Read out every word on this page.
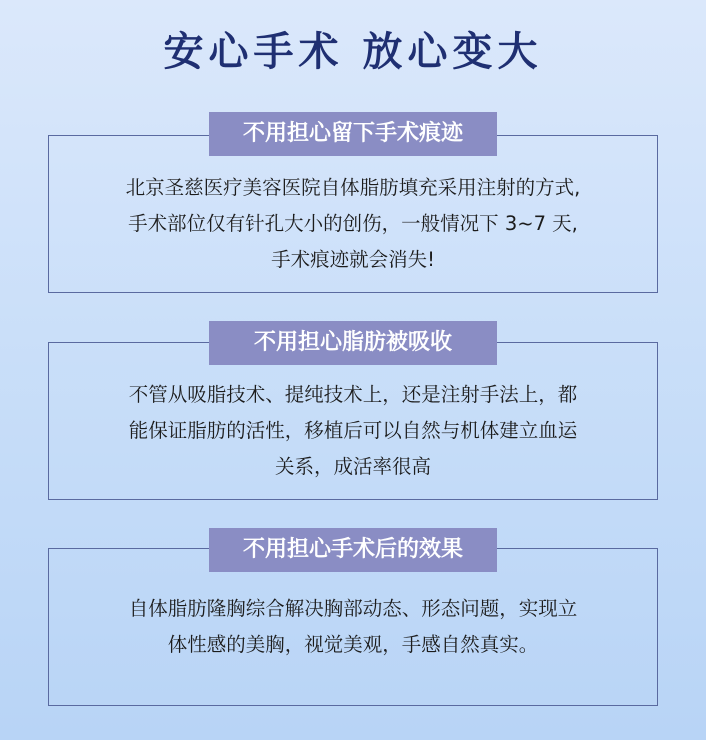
安心手术 放心变大
不用担心留下手术痕迹
北京圣慈医疗美容医院自体脂肪填充采用注射的方式,
手术部位仅有针孔大小的创伤，一般情况下 3~7 天,
手术痕迹就会消失!
不用担心脂肪被吸收
不管从吸脂技术、提纯技术上，还是注射手法上，都
能保证脂肪的活性，移植后可以自然与机体建立血运
关系，成活率很高
不用担心手术后的效果
自体脂肪隆胸综合解决胸部动态、形态问题，实现立
体性感的美胸，视觉美观，手感自然真实。
